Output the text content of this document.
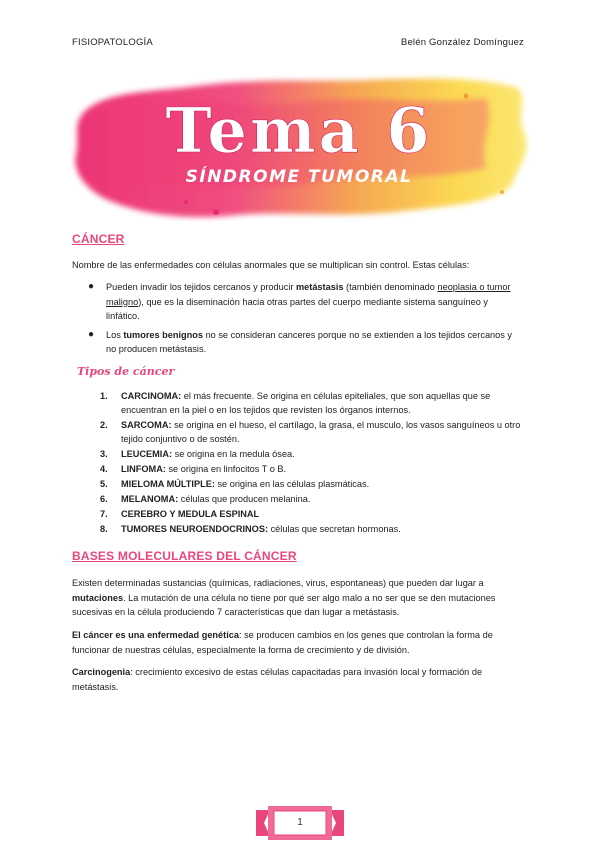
FISIOPATOLOGÍA	Belén González Domínguez
Tema 6
SÍNDROME TUMORAL
CÁNCER
Nombre de las enfermedades con células anormales que se multiplican sin control. Estas células:
● Pueden invadir los tejidos cercanos y producir metástasis (también denominado neoplasia o tumor maligno), que es la diseminación hacia otras partes del cuerpo mediante sistema sanguíneo y linfático.
● Los tumores benignos no se consideran canceres porque no se extienden a los tejidos cercanos y no producen metástasis.
Tipos de cáncer
1. CARCINOMA: el más frecuente. Se origina en células epiteliales, que son aquellas que se encuentran en la piel o en los tejidos que revisten los órganos internos.
2. SARCOMA: se origina en el hueso, el cartílago, la grasa, el musculo, los vasos sanguíneos u otro tejido conjuntivo o de sostén.
3. LEUCEMIA: se origina en la medula ósea.
4. LINFOMA: se origina en linfocitos T o B.
5. MIELOMA MÚLTIPLE: se origina en las células plasmáticas.
6. MELANOMA: células que producen melanina.
7. CEREBRO Y MEDULA ESPINAL
8. TUMORES NEUROENDOCRINOS: células que secretan hormonas.
BASES MOLECULARES DEL CÁNCER
Existen determinadas sustancias (químicas, radiaciones, virus, espontaneas) que pueden dar lugar a mutaciones. La mutación de una célula no tiene por qué ser algo malo a no ser que se den mutaciones sucesivas en la célula produciendo 7 características que dan lugar a metástasis.
El cáncer es una enfermedad genética: se producen cambios en los genes que controlan la forma de funcionar de nuestras células, especialmente la forma de crecimiento y de división.
Carcinogenia: crecimiento excesivo de estas células capacitadas para invasión local y formación de metástasis.
1
